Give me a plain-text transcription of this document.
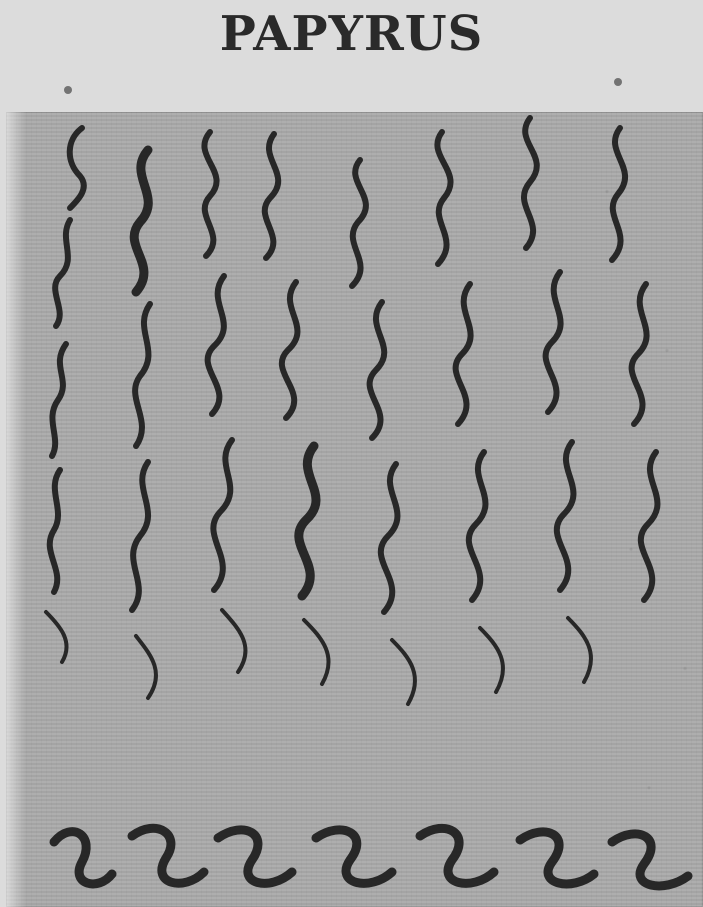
PAPYRUS
